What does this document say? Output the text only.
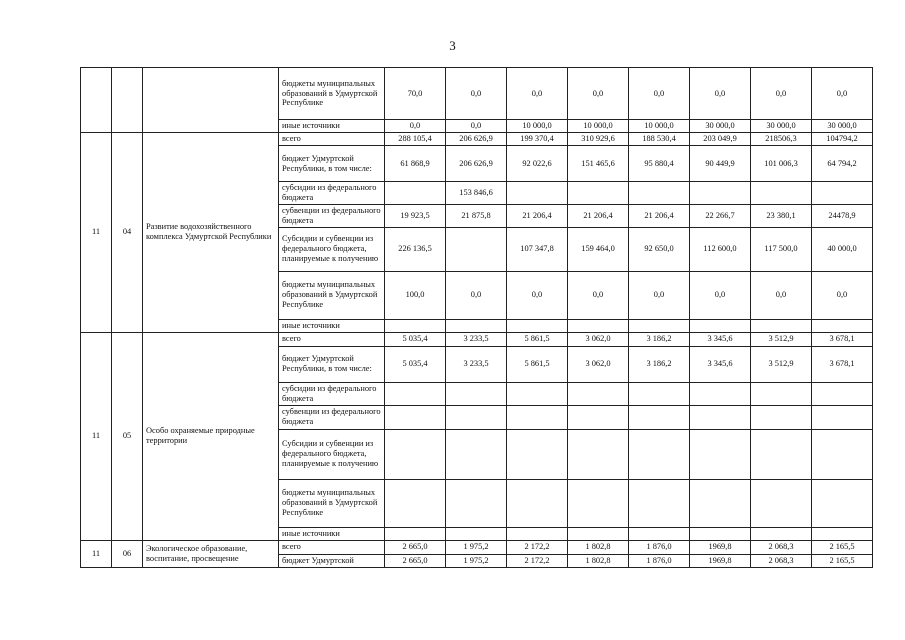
3
			бюджеты муниципальных образований в Удмуртской Республике	70,0	0,0	0,0	0,0	0,0	0,0	0,0	0,0
			иные источники	0,0	0,0	10 000,0	10 000,0	10 000,0	30 000,0	30 000,0	30 000,0
11	04	Развитие водохозяйственного комплекса Удмуртской Республики	всего	288 105,4	206 626,9	199 370,4	310 929,6	188 530,4	203 049,9	218506,3	104794,2
			бюджет Удмуртской Республики, в том числе:	61 868,9	206 626,9	92 022,6	151 465,6	95 880,4	90 449,9	101 006,3	64 794,2
			субсидии из федерального бюджета		153 846,6						
			субвенции из федерального бюджета	19 923,5	21 875,8	21 206,4	21 206,4	21 206,4	22 266,7	23 380,1	24478,9
			Субсидии и субвенции из федерального бюджета, планируемые к получению	226 136,5		107 347,8	159 464,0	92 650,0	112 600,0	117 500,0	40 000,0
			бюджеты муниципальных образований в Удмуртской Республике	100,0	0,0	0,0	0,0	0,0	0,0	0,0	0,0
			иные источники								
11	05	Особо охраняемые природные территории	всего	5 035,4	3 233,5	5 861,5	3 062,0	3 186,2	3 345,6	3 512,9	3 678,1
			бюджет Удмуртской Республики, в том числе:	5 035,4	3 233,5	5 861,5	3 062,0	3 186,2	3 345,6	3 512,9	3 678,1
			субсидии из федерального бюджета								
			субвенции из федерального бюджета								
			Субсидии и субвенции из федерального бюджета, планируемые к получению								
			бюджеты муниципальных образований в Удмуртской Республике								
			иные источники								
11	06	Экологическое образование, воспитание, просвещение	всего	2 665,0	1 975,2	2 172,2	1 802,8	1 876,0	1969,8	2 068,3	2 165,5
			бюджет Удмуртской	2 665,0	1 975,2	2 172,2	1 802,8	1 876,0	1969,8	2 068,3	2 165,5
